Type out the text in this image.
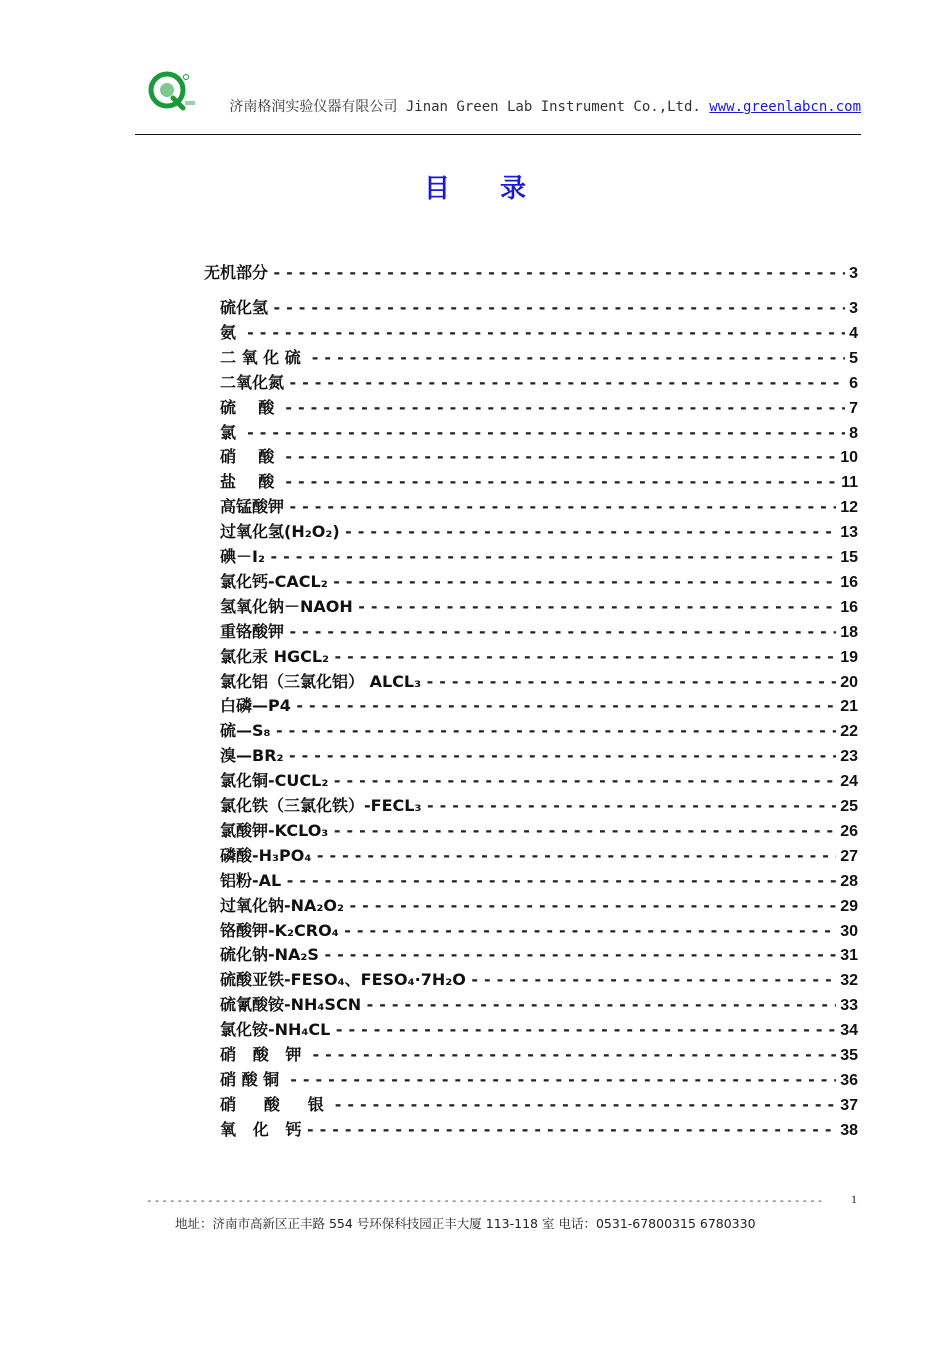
济南格润实验仪器有限公司 Jinan Green Lab Instrument Co.,Ltd. www.greenlabcn.com
目录
无机部分 -----	3
硫化氢 -----	3
氨 -----	4
二 氧 化 硫 -----	5
二氧化氮 -----	6
硫    酸 -----	7
氯 -----	8
硝    酸 -----	10
盐    酸 -----	11
高锰酸钾 -----	12
过氧化氢(H₂O₂) -----	13
碘－I₂ -----	15
氯化钙-CACL₂ -----	16
氢氧化钠－NAOH -----	16
重铬酸钾 -----	18
氯化汞 HGCL₂ -----	19
氯化铝（三氯化铝） ALCL₃ -----	20
白磷—P4 -----	21
硫—S₈ -----	22
溴—BR₂ -----	23
氯化铜-CUCL₂ -----	24
氯化铁（三氯化铁）-FECL₃ -----	25
氯酸钾-KCLO₃ -----	26
磷酸-H₃PO₄ -----	27
铝粉-AL -----	28
过氧化钠-NA₂O₂ -----	29
铬酸钾-K₂CRO₄ -----	30
硫化钠-NA₂S -----	31
硫酸亚铁-FESO₄、FESO₄·7H₂O -----	32
硫氰酸铵-NH₄SCN -----	33
氯化铵-NH₄CL -----	34
硝   酸   钾 -----	35
硝 酸 铜 -----	36
硝     酸     银 -----	37
氧   化   钙 -----	38
-----
1
地址：济南市高新区正丰路 554 号环保科技园正丰大厦 113-118 室 电话：0531-67800315 6780330
